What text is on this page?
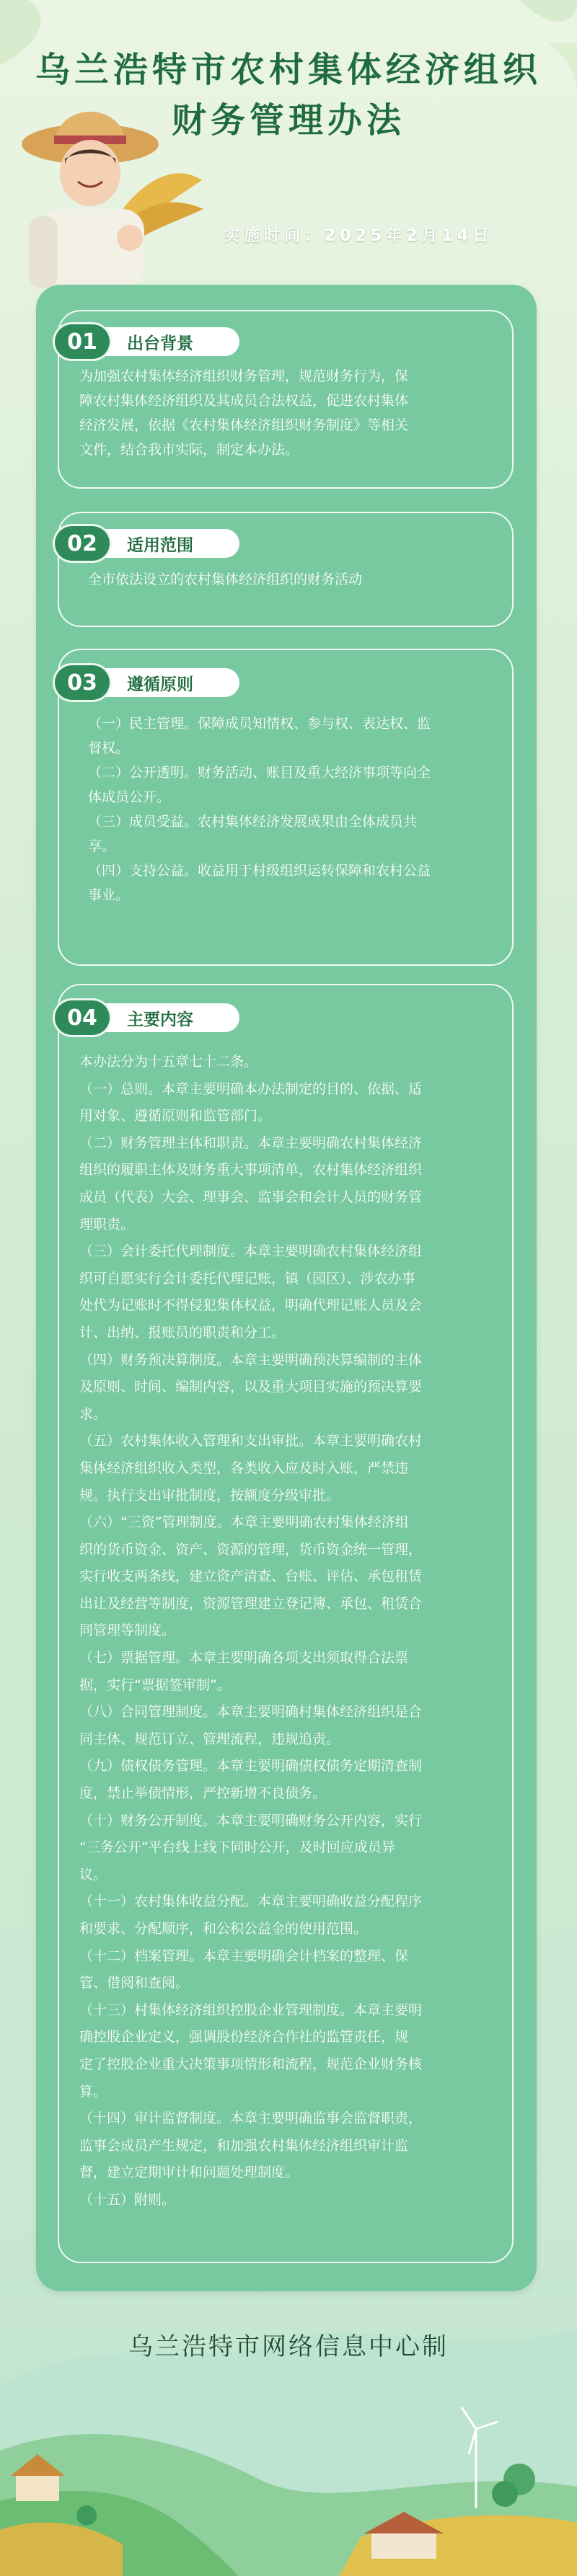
乌兰浩特市农村集体经济组织
财务管理办法
实施时间：2025年2月14日
01	出台背景

为加强农村集体经济组织财务管理，规范财务行为，保

障农村集体经济组织及其成员合法权益，促进农村集体

经济发展，依据《农村集体经济组织财务制度》等相关

文件，结合我市实际，制定本办法。

02	适用范围

全市依法设立的农村集体经济组织的财务活动

03	遵循原则

（一）民主管理。保障成员知情权、参与权、表达权、监

督权。

（二）公开透明。财务活动、账目及重大经济事项等向全

体成员公开。

（三）成员受益。农村集体经济发展成果由全体成员共

享。

（四）支持公益。收益用于村级组织运转保障和农村公益

事业。

04	主要内容

本办法分为十五章七十二条。

（一）总则。本章主要明确本办法制定的目的、依据、适

用对象、遵循原则和监管部门。

（二）财务管理主体和职责。本章主要明确农村集体经济

组织的履职主体及财务重大事项清单，农村集体经济组织

成员（代表）大会、理事会、监事会和会计人员的财务管

理职责。

（三）会计委托代理制度。本章主要明确农村集体经济组

织可自愿实行会计委托代理记账，镇（园区）、涉农办事

处代为记账时不得侵犯集体权益，明确代理记账人员及会

计、出纳、报账员的职责和分工。

（四）财务预决算制度。本章主要明确预决算编制的主体

及原则、时间、编制内容，以及重大项目实施的预决算要

求。

（五）农村集体收入管理和支出审批。本章主要明确农村

集体经济组织收入类型，各类收入应及时入账，严禁违

规。执行支出审批制度，按额度分级审批。

（六）“三资”管理制度。本章主要明确农村集体经济组

织的货币资金、资产、资源的管理，货币资金统一管理，

实行收支两条线，建立资产清查、台账、评估、承包租赁

出让及经营等制度，资源管理建立登记簿、承包、租赁合

同管理等制度。

（七）票据管理。本章主要明确各项支出须取得合法票

据，实行“票据签审制”。

（八）合同管理制度。本章主要明确村集体经济组织是合

同主体、规范订立、管理流程，违规追责。

（九）债权债务管理。本章主要明确债权债务定期清查制

度，禁止举债情形，严控新增不良债务。

（十）财务公开制度。本章主要明确财务公开内容，实行

“三务公开”平台线上线下同时公开，及时回应成员异

议。

（十一）农村集体收益分配。本章主要明确收益分配程序

和要求、分配顺序，和公积公益金的使用范围。

（十二）档案管理。本章主要明确会计档案的整理、保

管、借阅和查阅。

（十三）村集体经济组织控股企业管理制度。本章主要明

确控股企业定义，强调股份经济合作社的监管责任，规

定了控股企业重大决策事项情形和流程，规范企业财务核

算。

（十四）审计监督制度。本章主要明确监事会监督职责，

监事会成员产生规定，和加强农村集体经济组织审计监

督，建立定期审计和问题处理制度。

（十五）附则。

乌兰浩特市网络信息中心制
